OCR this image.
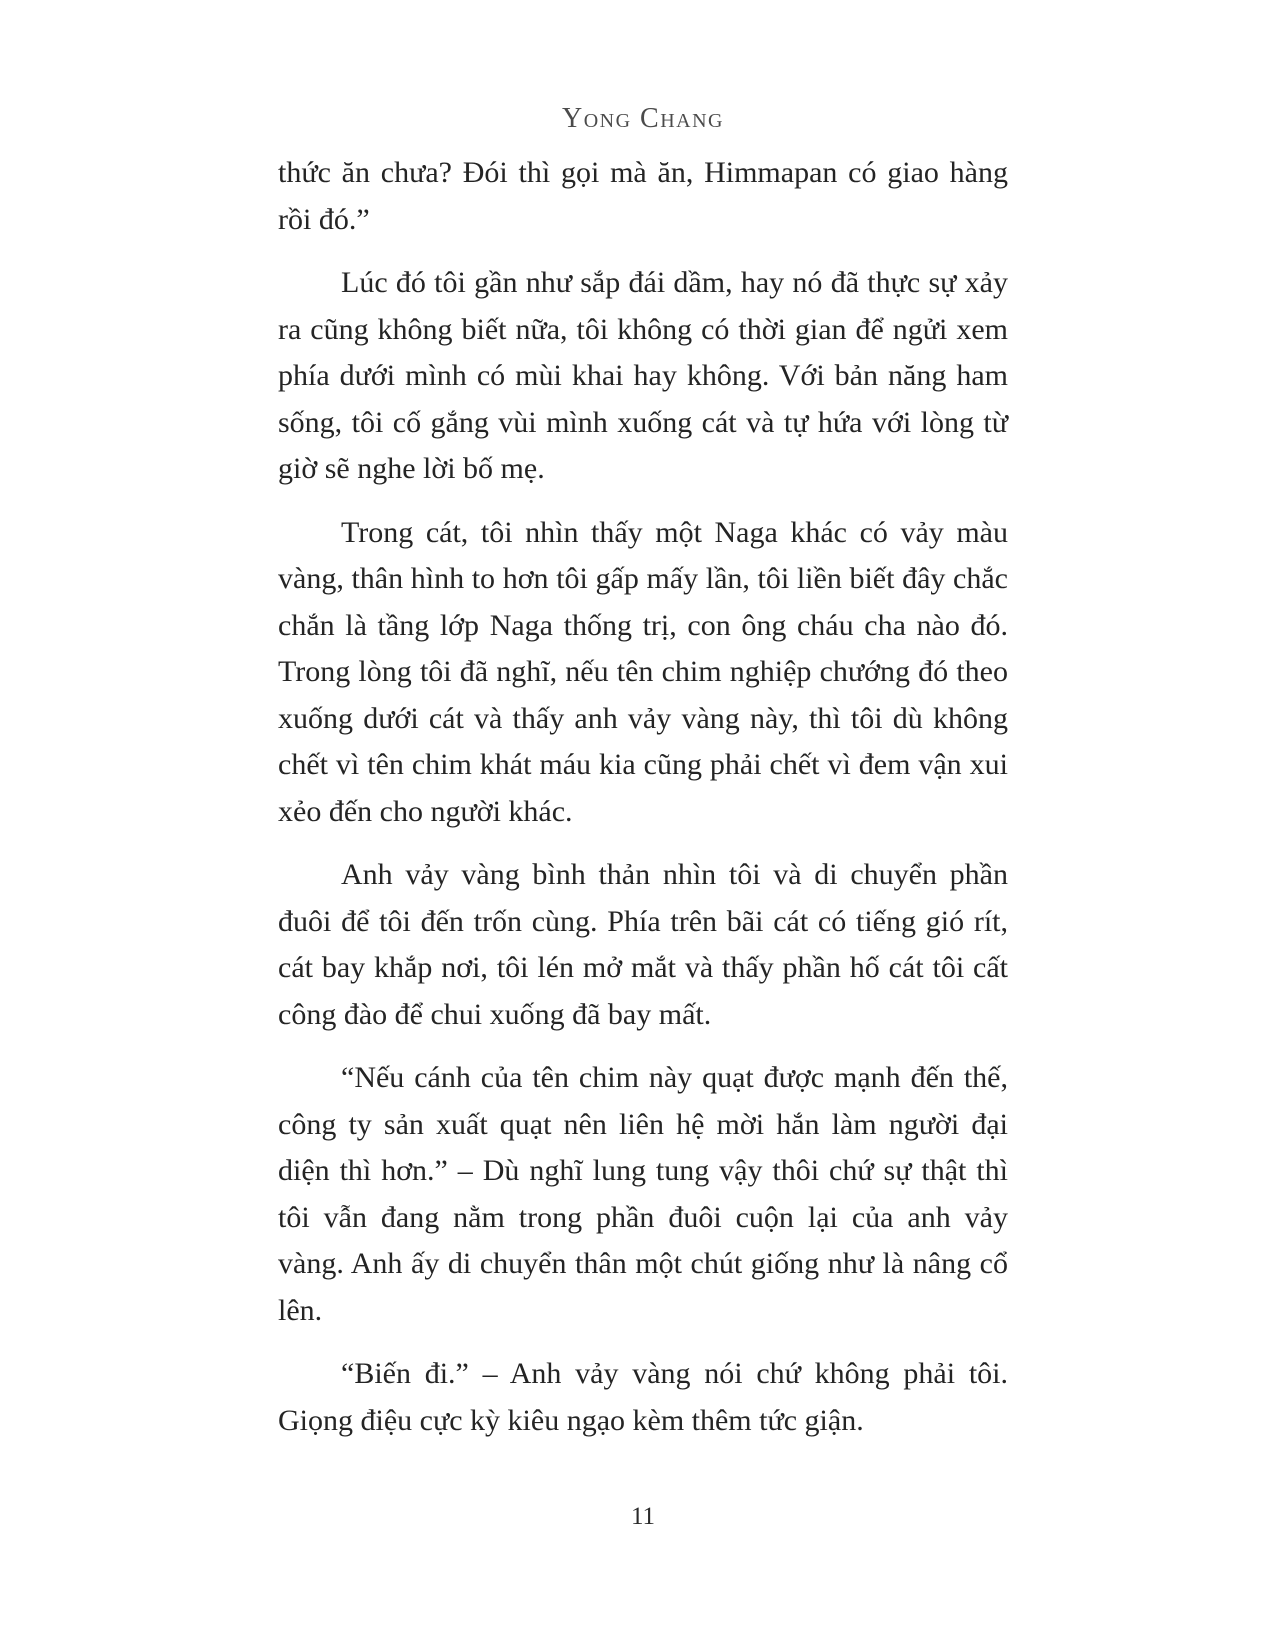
Yong Chang

thức ăn chưa? Đói thì gọi mà ăn, Himmapan có giao hàng rồi đó.”

Lúc đó tôi gần như sắp đái dầm, hay nó đã thực sự xảy ra cũng không biết nữa, tôi không có thời gian để ngửi xem phía dưới mình có mùi khai hay không. Với bản năng ham sống, tôi cố gắng vùi mình xuống cát và tự hứa với lòng từ giờ sẽ nghe lời bố mẹ.

Trong cát, tôi nhìn thấy một Naga khác có vảy màu vàng, thân hình to hơn tôi gấp mấy lần, tôi liền biết đây chắc chắn là tầng lớp Naga thống trị, con ông cháu cha nào đó. Trong lòng tôi đã nghĩ, nếu tên chim nghiệp chướng đó theo xuống dưới cát và thấy anh vảy vàng này, thì tôi dù không chết vì tên chim khát máu kia cũng phải chết vì đem vận xui xẻo đến cho người khác.

Anh vảy vàng bình thản nhìn tôi và di chuyển phần đuôi để tôi đến trốn cùng. Phía trên bãi cát có tiếng gió rít, cát bay khắp nơi, tôi lén mở mắt và thấy phần hố cát tôi cất công đào để chui xuống đã bay mất.

“Nếu cánh của tên chim này quạt được mạnh đến thế, công ty sản xuất quạt nên liên hệ mời hắn làm người đại diện thì hơn.” – Dù nghĩ lung tung vậy thôi chứ sự thật thì tôi vẫn đang nằm trong phần đuôi cuộn lại của anh vảy vàng. Anh ấy di chuyển thân một chút giống như là nâng cổ lên.

“Biến đi.” – Anh vảy vàng nói chứ không phải tôi. Giọng điệu cực kỳ kiêu ngạo kèm thêm tức giận.

11
